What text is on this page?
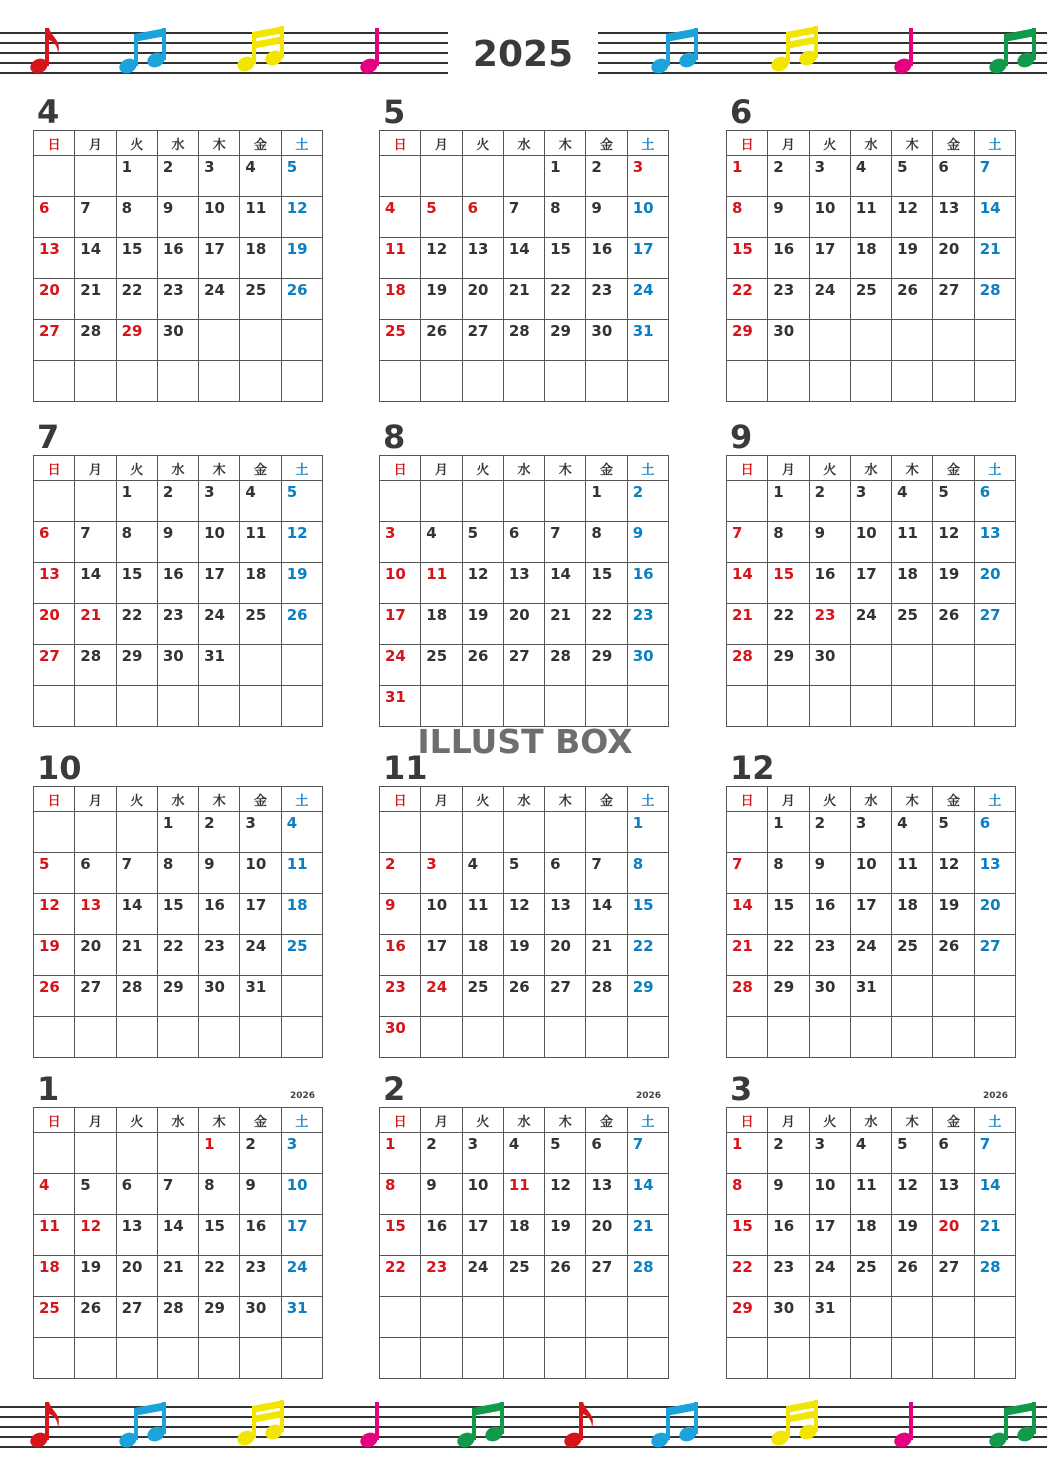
2025
ILLUST BOX
4
日	月	火	水	木	金	土
		1	2	3	4	5
6	7	8	9	10	11	12
13	14	15	16	17	18	19
20	21	22	23	24	25	26
27	28	29	30			

5
日	月	火	水	木	金	土
				1	2	3
4	5	6	7	8	9	10
11	12	13	14	15	16	17
18	19	20	21	22	23	24
25	26	27	28	29	30	31

6
日	月	火	水	木	金	土
1	2	3	4	5	6	7
8	9	10	11	12	13	14
15	16	17	18	19	20	21
22	23	24	25	26	27	28
29	30					

7
日	月	火	水	木	金	土
		1	2	3	4	5
6	7	8	9	10	11	12
13	14	15	16	17	18	19
20	21	22	23	24	25	26
27	28	29	30	31		

8
日	月	火	水	木	金	土
					1	2
3	4	5	6	7	8	9
10	11	12	13	14	15	16
17	18	19	20	21	22	23
24	25	26	27	28	29	30
31						
9
日	月	火	水	木	金	土
	1	2	3	4	5	6
7	8	9	10	11	12	13
14	15	16	17	18	19	20
21	22	23	24	25	26	27
28	29	30				

10
日	月	火	水	木	金	土
			1	2	3	4
5	6	7	8	9	10	11
12	13	14	15	16	17	18
19	20	21	22	23	24	25
26	27	28	29	30	31	

11
日	月	火	水	木	金	土
						1
2	3	4	5	6	7	8
9	10	11	12	13	14	15
16	17	18	19	20	21	22
23	24	25	26	27	28	29
30						
12
日	月	火	水	木	金	土
	1	2	3	4	5	6
7	8	9	10	11	12	13
14	15	16	17	18	19	20
21	22	23	24	25	26	27
28	29	30	31			

1	2026
日	月	火	水	木	金	土
				1	2	3
4	5	6	7	8	9	10
11	12	13	14	15	16	17
18	19	20	21	22	23	24
25	26	27	28	29	30	31

2	2026
日	月	火	水	木	金	土
1	2	3	4	5	6	7
8	9	10	11	12	13	14
15	16	17	18	19	20	21
22	23	24	25	26	27	28

3	2026
日	月	火	水	木	金	土
1	2	3	4	5	6	7
8	9	10	11	12	13	14
15	16	17	18	19	20	21
22	23	24	25	26	27	28
29	30	31				
